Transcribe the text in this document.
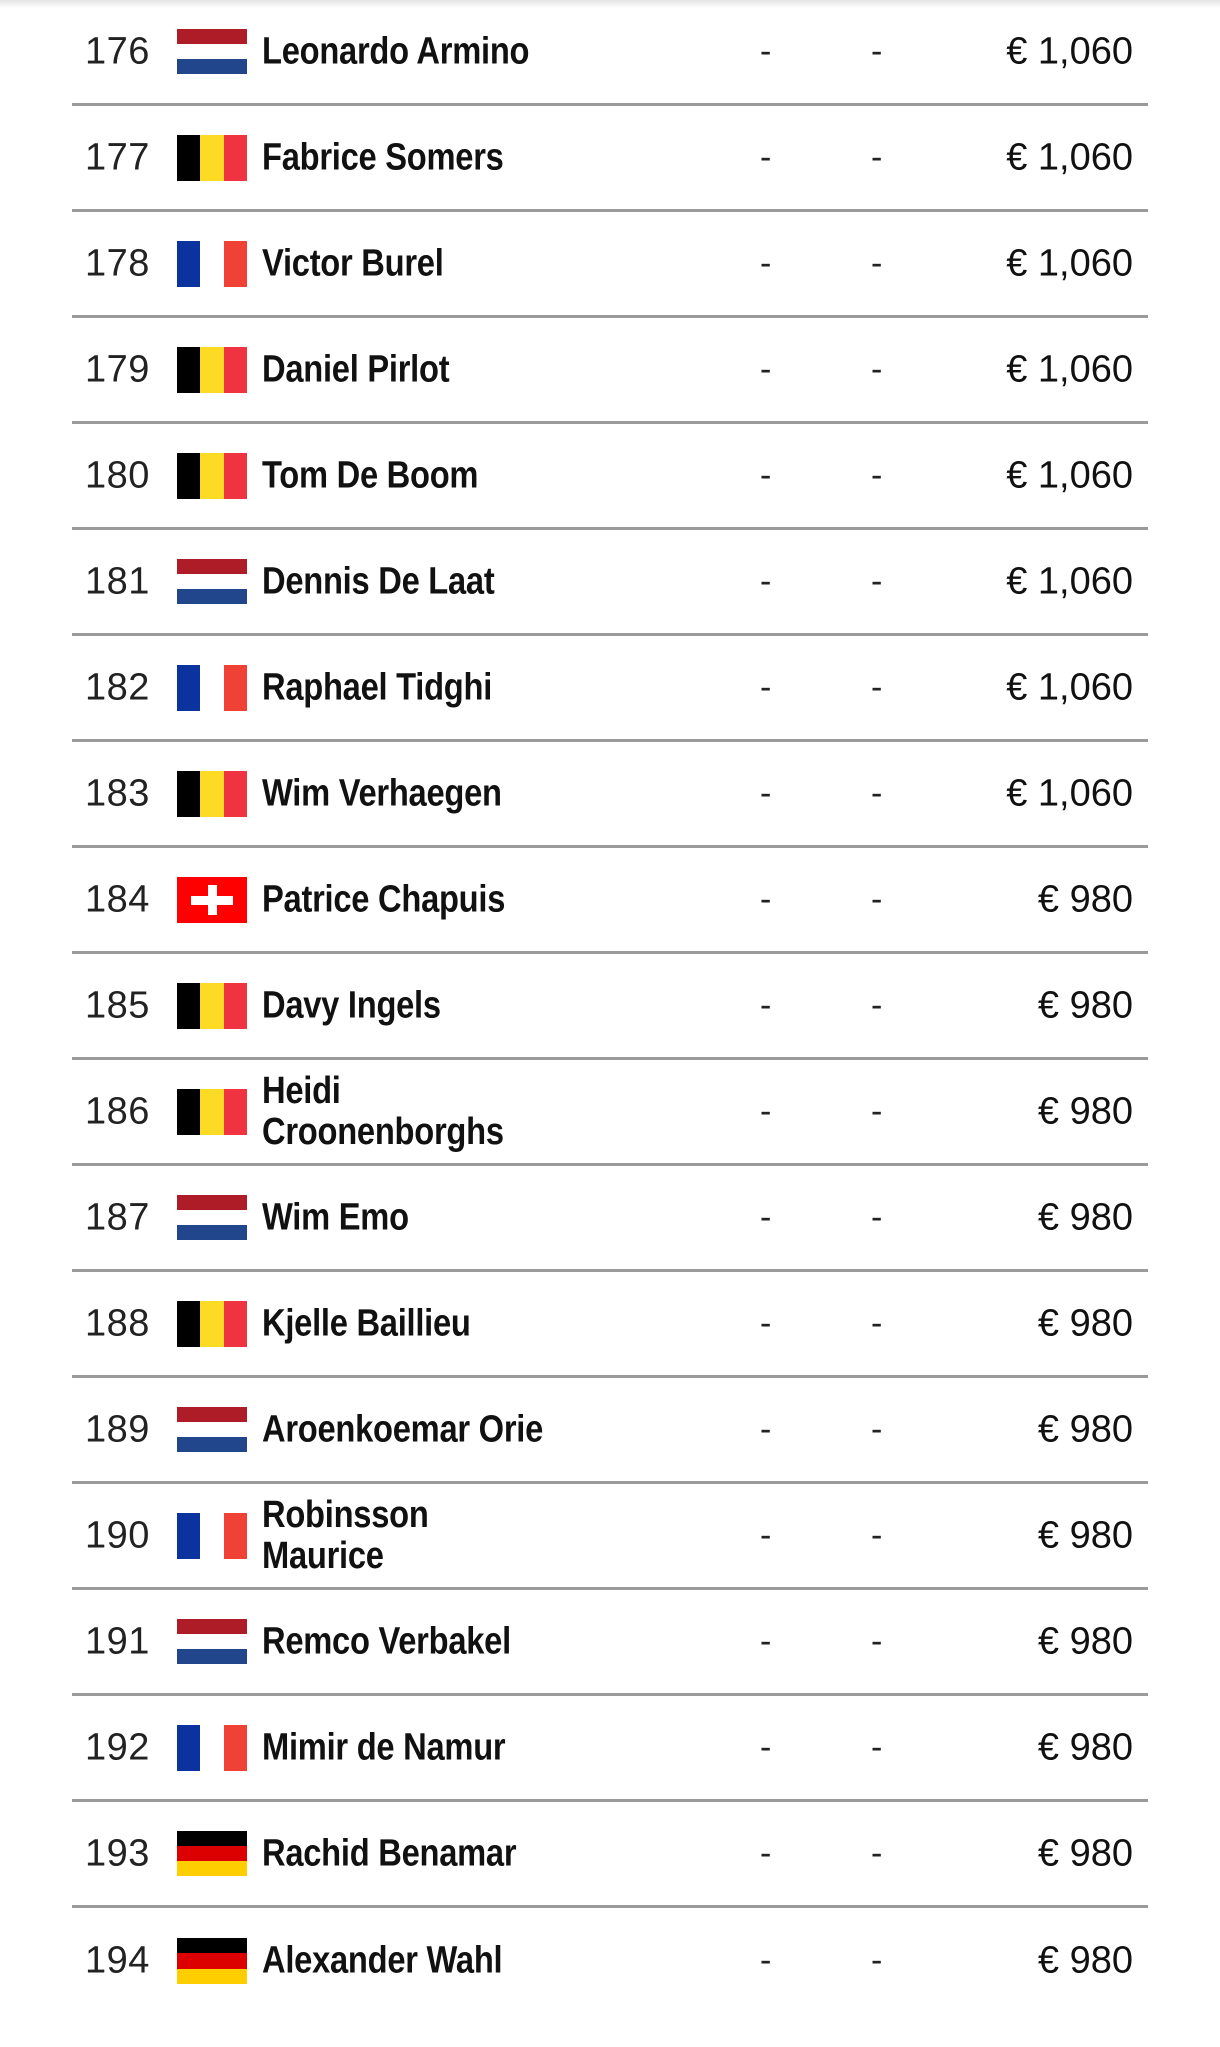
176	Leonardo Armino	-	-	€ 1,060
177	Fabrice Somers	-	-	€ 1,060
178	Victor Burel	-	-	€ 1,060
179	Daniel Pirlot	-	-	€ 1,060
180	Tom De Boom	-	-	€ 1,060
181	Dennis De Laat	-	-	€ 1,060
182	Raphael Tidghi	-	-	€ 1,060
183	Wim Verhaegen	-	-	€ 1,060
184	Patrice Chapuis	-	-	€ 980
185	Davy Ingels	-	-	€ 980
186	Heidi Croonenborghs	-	-	€ 980
187	Wim Emo	-	-	€ 980
188	Kjelle Baillieu	-	-	€ 980
189	Aroenkoemar Orie	-	-	€ 980
190	Robinsson Maurice	-	-	€ 980
191	Remco Verbakel	-	-	€ 980
192	Mimir de Namur	-	-	€ 980
193	Rachid Benamar	-	-	€ 980
194	Alexander Wahl	-	-	€ 980
